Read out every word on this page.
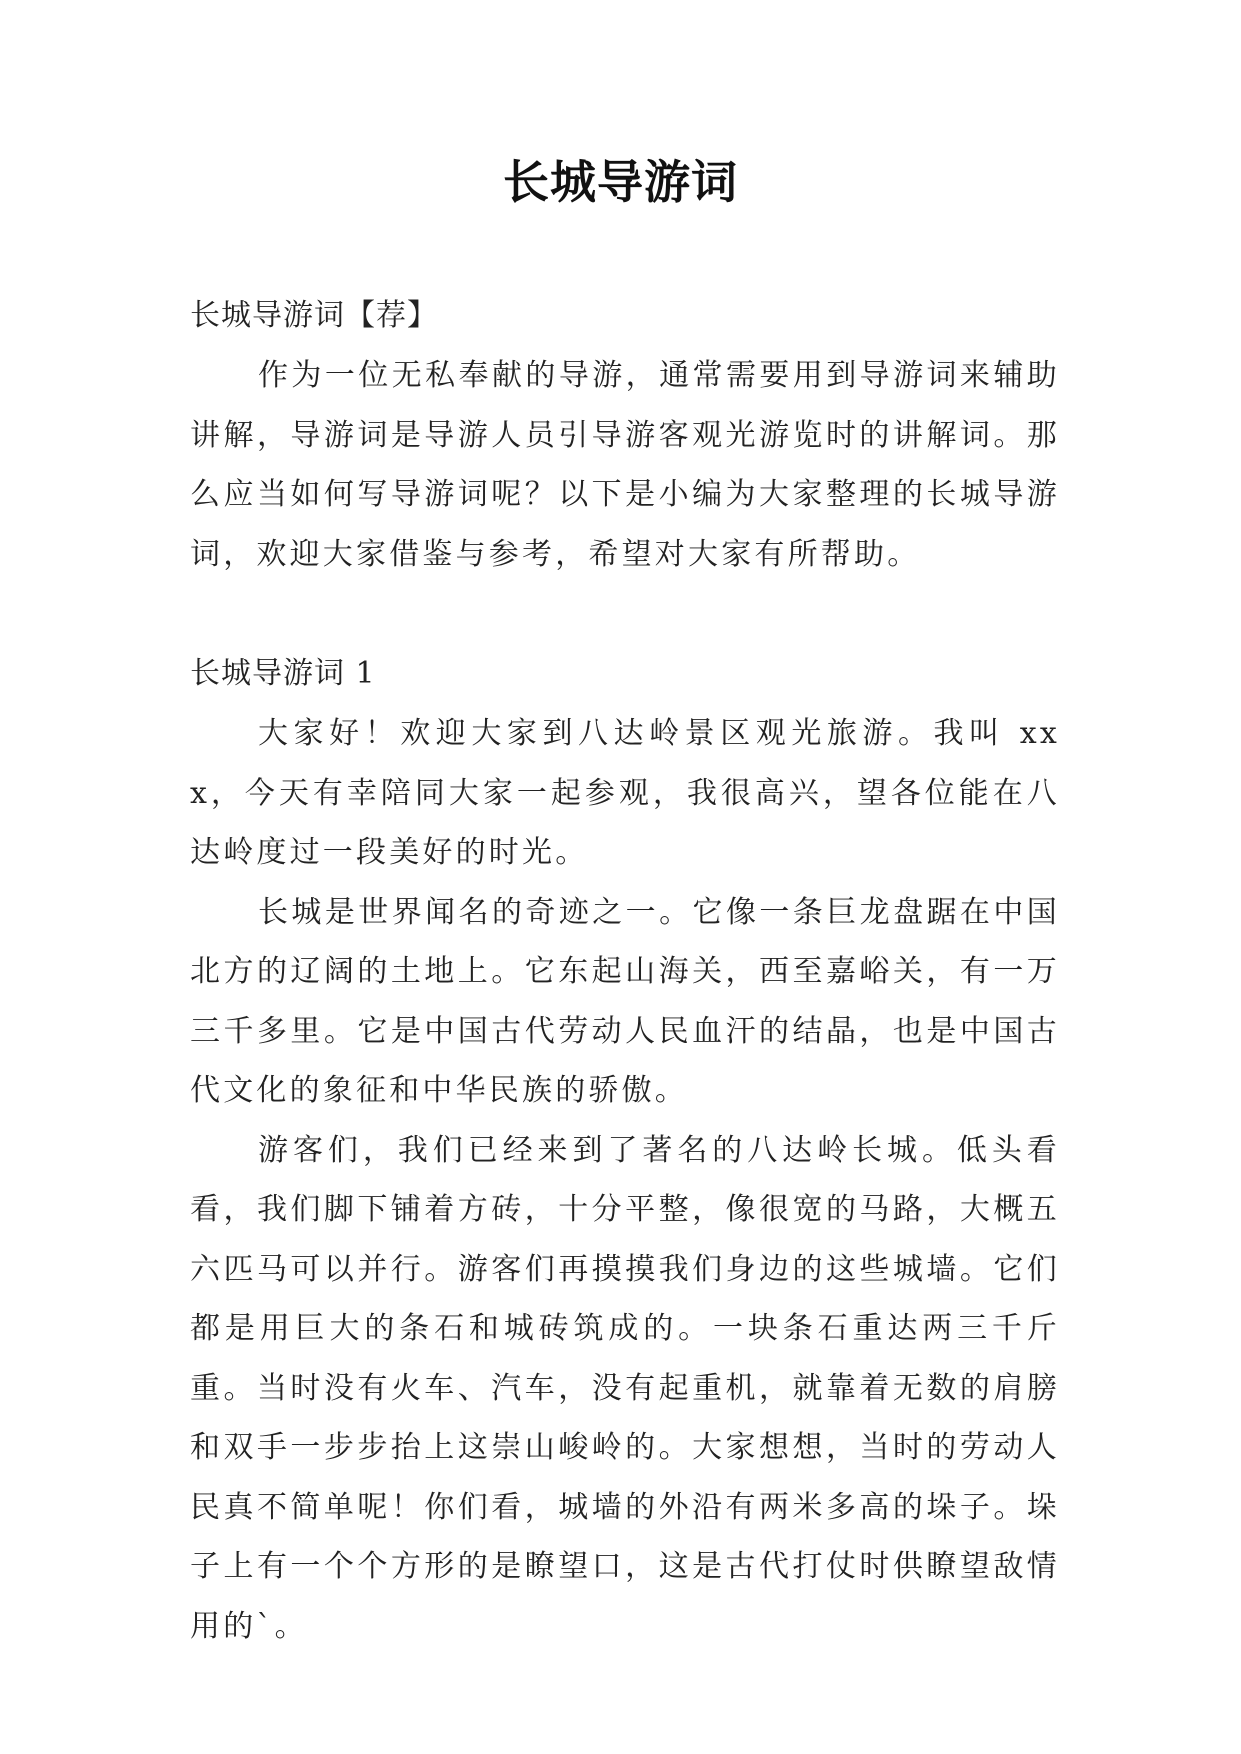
长城导游词

长城导游词【荐】

作为一位无私奉献的导游，通常需要用到导游词来辅助讲解，导游词是导游人员引导游客观光游览时的讲解词。那么应当如何写导游词呢？以下是小编为大家整理的长城导游词，欢迎大家借鉴与参考，希望对大家有所帮助。

长城导游词 1

大家好！欢迎大家到八达岭景区观光旅游。我叫 xxx，今天有幸陪同大家一起参观，我很高兴，望各位能在八达岭度过一段美好的时光。

长城是世界闻名的奇迹之一。它像一条巨龙盘踞在中国北方的辽阔的土地上。它东起山海关，西至嘉峪关，有一万三千多里。它是中国古代劳动人民血汗的结晶，也是中国古代文化的象征和中华民族的骄傲。

游客们，我们已经来到了著名的八达岭长城。低头看看，我们脚下铺着方砖，十分平整，像很宽的马路，大概五六匹马可以并行。游客们再摸摸我们身边的这些城墙。它们都是用巨大的条石和城砖筑成的。一块条石重达两三千斤重。当时没有火车、汽车，没有起重机，就靠着无数的肩膀和双手一步步抬上这崇山峻岭的。大家想想，当时的劳动人民真不简单呢！你们看，城墙的外沿有两米多高的垛子。垛子上有一个个方形的是瞭望口，这是古代打仗时供瞭望敌情用的`。
